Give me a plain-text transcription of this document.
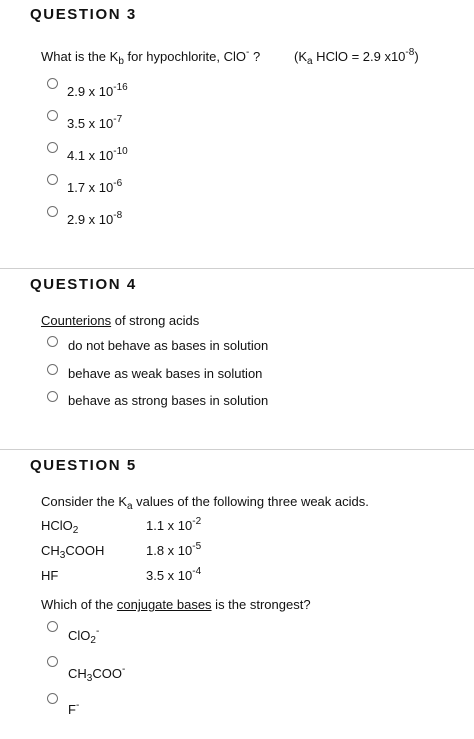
QUESTION 3
What is the $K_b$ for hypochlorite, ClO- ?	($K_a$ HClO = 2.9 $x10^{-8}$)
2.9 x $10^{-16}$
3.5 x $10^{-7}$
4.1 x $10^{-10}$
1.7 x $10^{-6}$
2.9 x $10^{-8}$
QUESTION 4
Counterions of strong acids
do not behave as bases in solution
behave as weak bases in solution
behave as strong bases in solution
QUESTION 5
Consider the $K_a$ values of the following three weak acids.
HClO$_2$	1.1 x $10^{-2}$
$CH_3COOH$	1.8 x $10^{-5}$
HF	3.5 x $10^{-4}$
Which of the conjugate bases is the strongest?
ClO$_2$-
$CH_3COO^-$
F-
